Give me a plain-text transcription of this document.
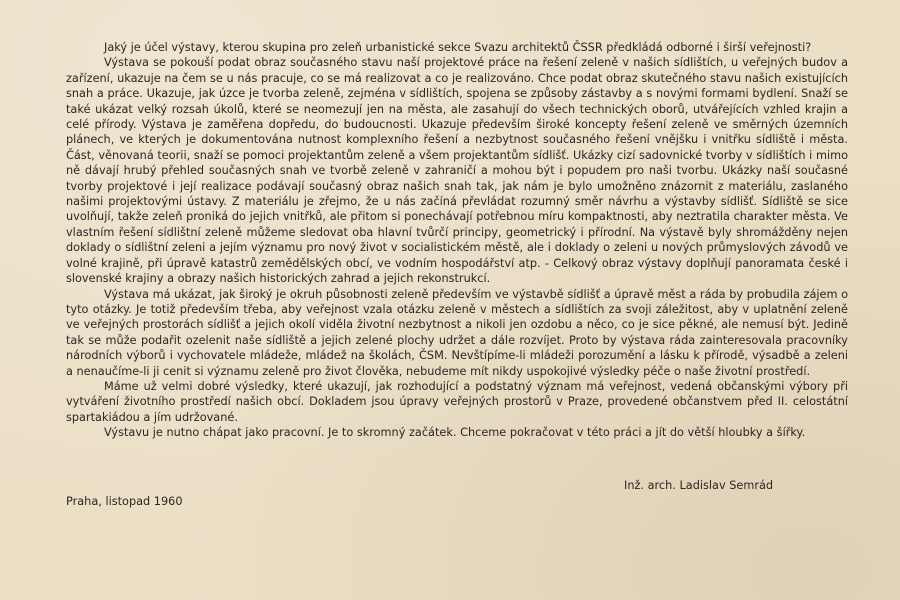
Jaký je účel výstavy, kterou skupina pro zeleň urbanistické sekce Svazu architektů ČSSR předkládá odborné i širší veřejnosti?

Výstava se pokouší podat obraz současného stavu naší projektové práce na řešení zeleně v našich sídlištích, u veřejných budov a zařízení, ukazuje na čem se u nás pracuje, co se má realizovat a co je realizováno. Chce podat obraz skutečného stavu našich existujících snah a práce. Ukazuje, jak úzce je tvorba zeleně, zejména v sídlištích, spojena se způsoby zástavby a s novými formami bydlení. Snaží se také ukázat velký rozsah úkolů, které se neomezují jen na města, ale zasahují do všech technických oborů, utvářejících vzhled krajin a celé přírody. Výstava je zaměřena dopředu, do budoucnosti. Ukazuje především široké koncepty řešení zeleně ve směrných územních plánech, ve kterých je dokumentována nutnost komplexního řešení a nezbytnost současného řešení vnějšku i vnitřku sídliště i města. Část, věnovaná teorii, snaží se pomoci projektantům zeleně a všem projektantům sídlišť. Ukázky cizí sadovnické tvorby v sídlištích i mimo ně dávají hrubý přehled současných snah ve tvorbě zeleně v zahraničí a mohou být i popudem pro naši tvorbu. Ukázky naší současné tvorby projektové i její realizace podávají současný obraz našich snah tak, jak nám je bylo umožněno znázornit z materiálu, zaslaného našimi projektovými ústavy. Z materiálu je zřejmo, že u nás začíná převládat rozumný směr návrhu a výstavby sídlišť. Sídliště se sice uvolňují, takže zeleň proniká do jejich vnitřků, ale přitom si ponechávají potřebnou míru kompaktnosti, aby neztratila charakter města. Ve vlastním řešení sídlištní zeleně můžeme sledovat oba hlavní tvůrčí principy, geometrický i přírodní. Na výstavě byly shromážděny nejen doklady o sídlištní zeleni a jejím významu pro nový život v socialistickém městě, ale i doklady o zeleni u nových průmyslových závodů ve volné krajině, při úpravě katastrů zemědělských obcí, ve vodním hospodářství atp. - Celkový obraz výstavy doplňují panoramata české i slovenské krajiny a obrazy našich historických zahrad a jejich rekonstrukcí.

Výstava má ukázat, jak široký je okruh působnosti zeleně především ve výstavbě sídlišť a úpravě měst a ráda by probudila zájem o tyto otázky. Je totiž především třeba, aby veřejnost vzala otázku zeleně v městech a sídlištích za svoji záležitost, aby v uplatnění zeleně ve veřejných prostorách sídlišť a jejich okolí viděla životní nezbytnost a nikoli jen ozdobu a něco, co je sice pěkné, ale nemusí být. Jedině tak se může podařit ozelenit naše sídliště a jejich zelené plochy udržet a dále rozvíjet. Proto by výstava ráda zainteresovala pracovníky národních výborů i vychovatele mládeže, mládež na školách, ČSM. Nevštípíme-li mládeži porozumění a lásku k přírodě, výsadbě a zeleni a nenaučíme-li ji cenit si významu zeleně pro život člověka, nebudeme mít nikdy uspokojivé výsledky péče o naše životní prostředí.

Máme už velmi dobré výsledky, které ukazují, jak rozhodující a podstatný význam má veřejnost, vedená občanskými výbory při vytváření životního prostředí našich obcí. Dokladem jsou úpravy veřejných prostorů v Praze, provedené občanstvem před II. celostátní spartakiádou a jím udržované.

Výstavu je nutno chápat jako pracovní. Je to skromný začátek. Chceme pokračovat v této práci a jít do větší hloubky a šířky.

Inž. arch. Ladislav Semrád
Praha, listopad 1960
